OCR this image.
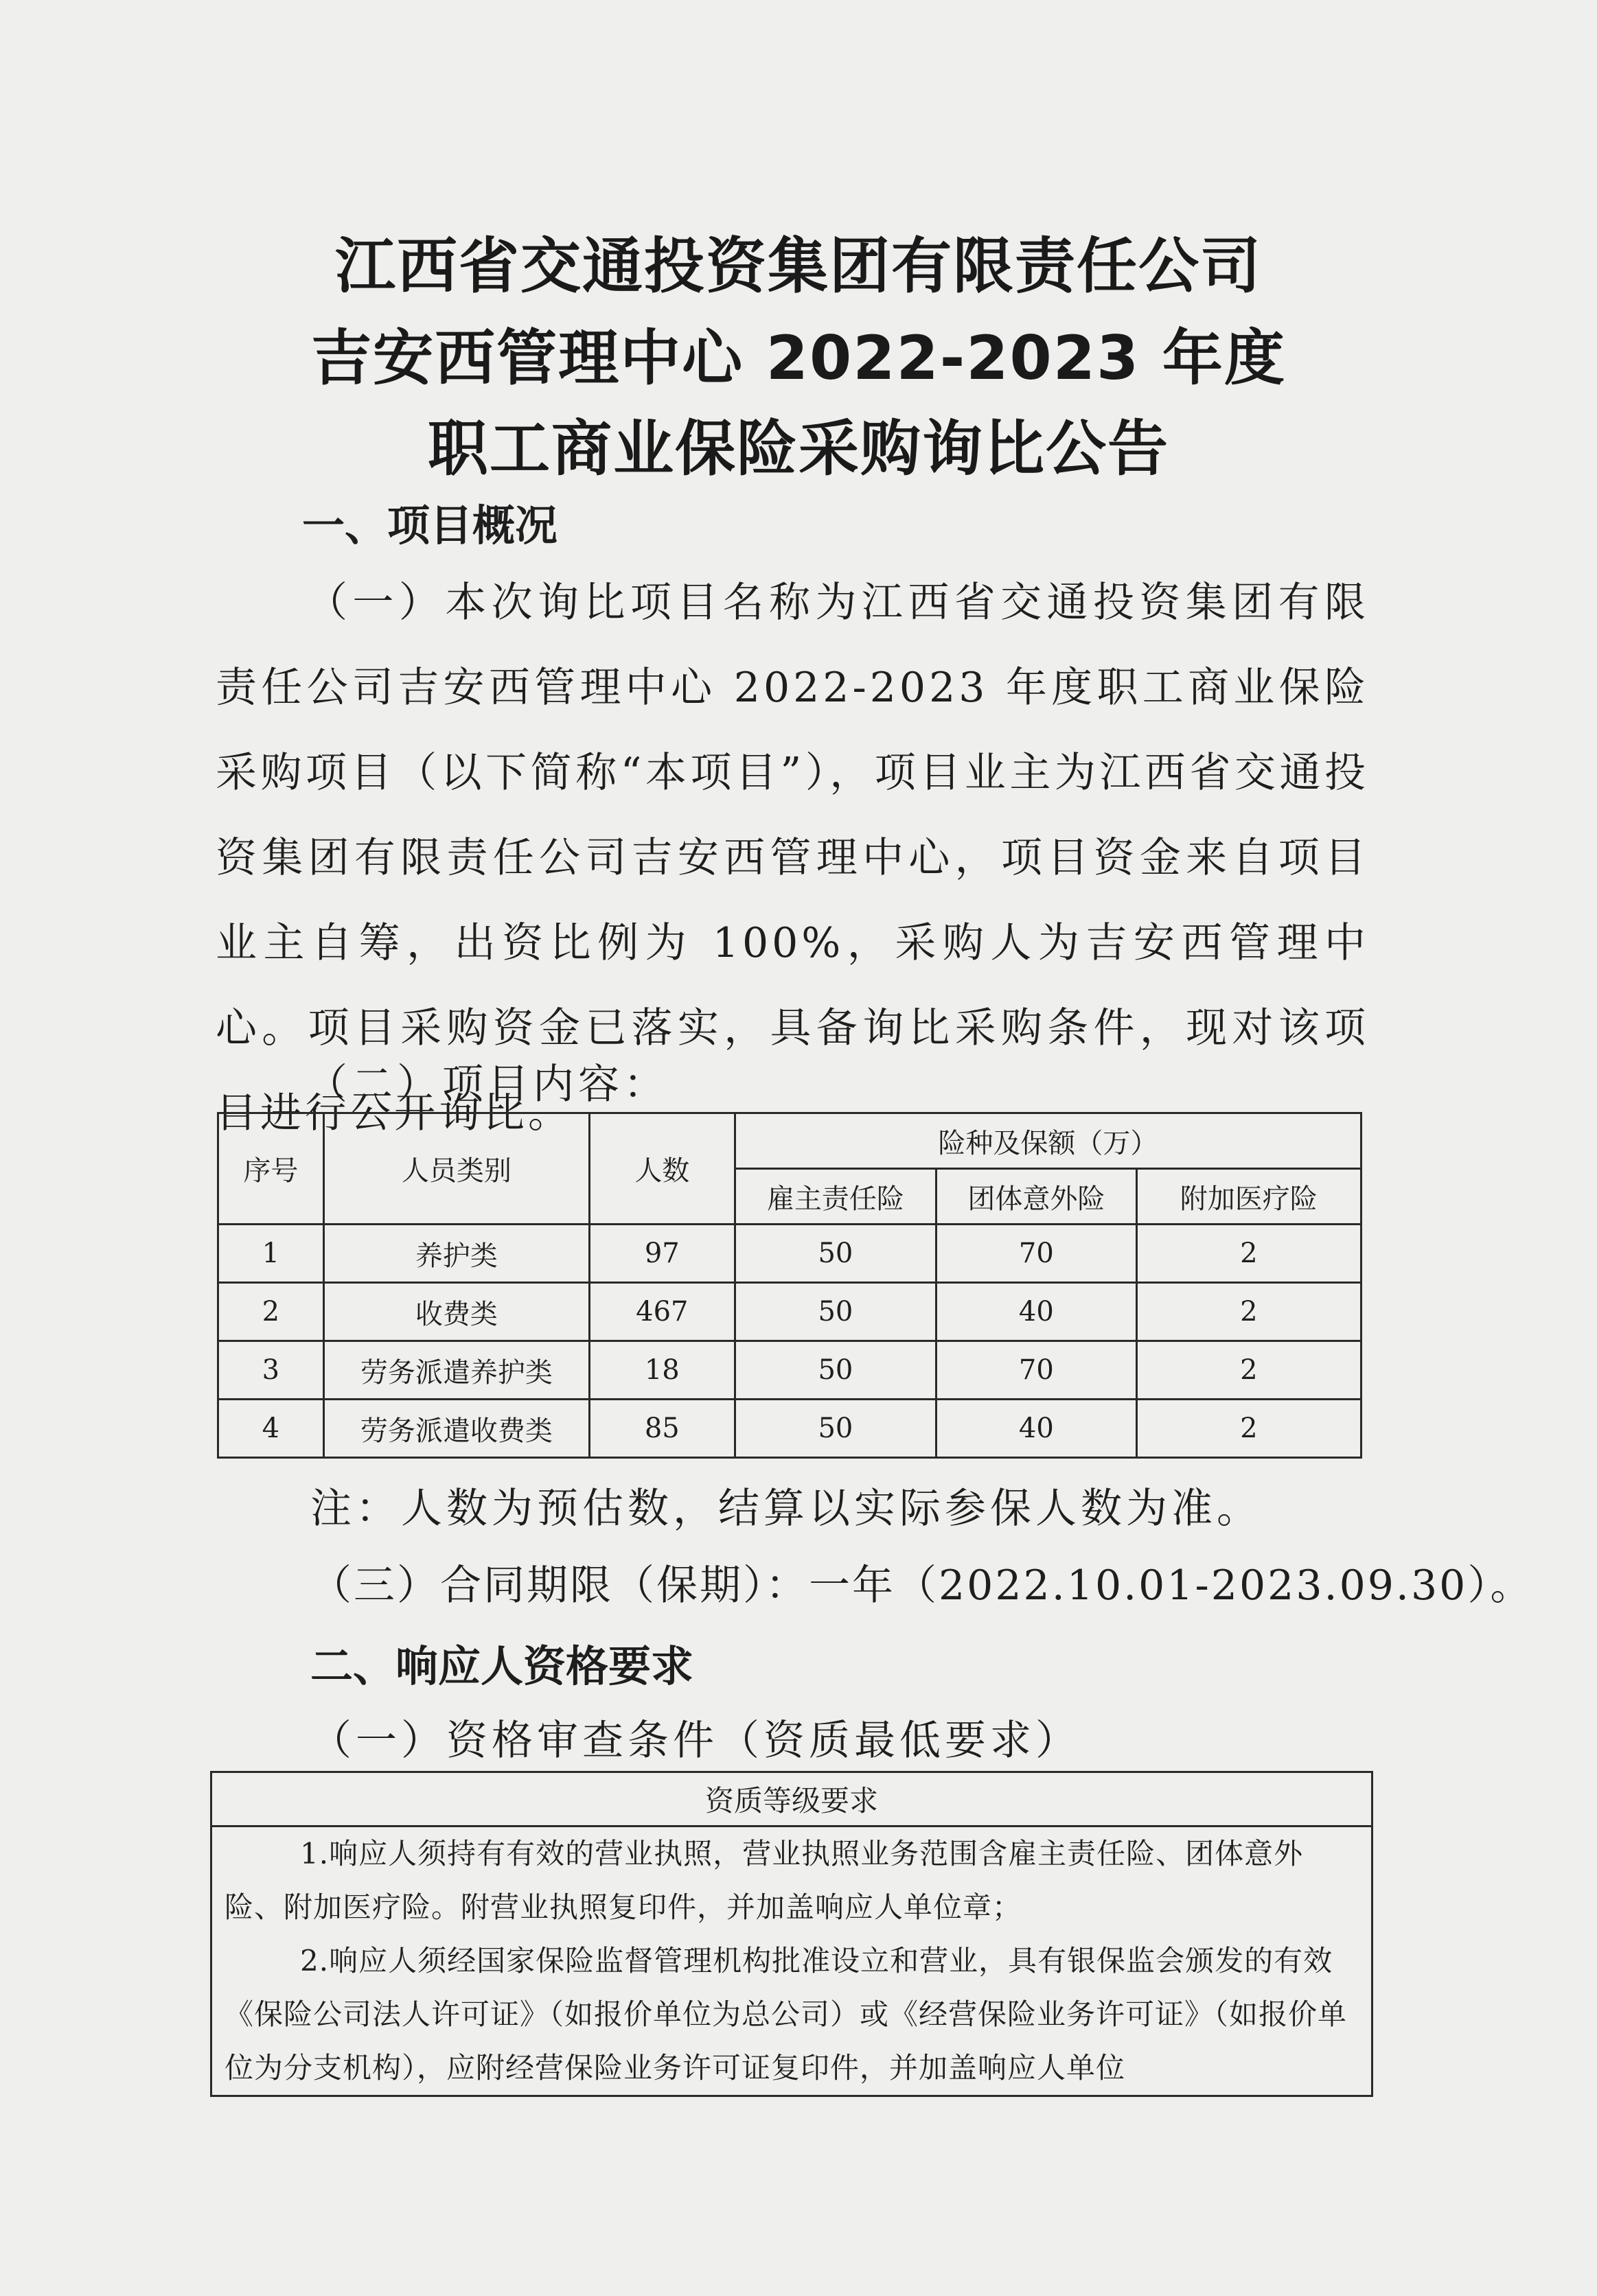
江西省交通投资集团有限责任公司
吉安西管理中心 2022-2023 年度
职工商业保险采购询比公告
一、项目概况

（一）本次询比项目名称为江西省交通投资集团有限责任公司吉安西管理中心 2022-2023 年度职工商业保险采购项目（以下简称“本项目”），项目业主为江西省交通投资集团有限责任公司吉安西管理中心，项目资金来自项目业主自筹，出资比例为 100%，采购人为吉安西管理中心。项目采购资金已落实，具备询比采购条件，现对该项目进行公开询比。

（二）项目内容：
序号	人员类别	人数	险种及保额（万）		
			雇主责任险	团体意外险	附加医疗险
1	养护类	97	50	70	2
2	收费类	467	50	40	2
3	劳务派遣养护类	18	50	70	2
4	劳务派遣收费类	85	50	40	2
注：人数为预估数，结算以实际参保人数为准。
（三）合同期限（保期）：一年（2022.10.01-2023.09.30）。
二、响应人资格要求
（一）资格审查条件（资质最低要求）
资质等级要求

1.响应人须持有有效的营业执照，营业执照业务范围含雇主责任险、团体意外险、附加医疗险。附营业执照复印件，并加盖响应人单位章；

2.响应人须经国家保险监督管理机构批准设立和营业，具有银保监会颁发的有效《保险公司法人许可证》（如报价单位为总公司）或《经营保险业务许可证》（如报价单位为分支机构），应附经营保险业务许可证复印件，并加盖响应人单位
